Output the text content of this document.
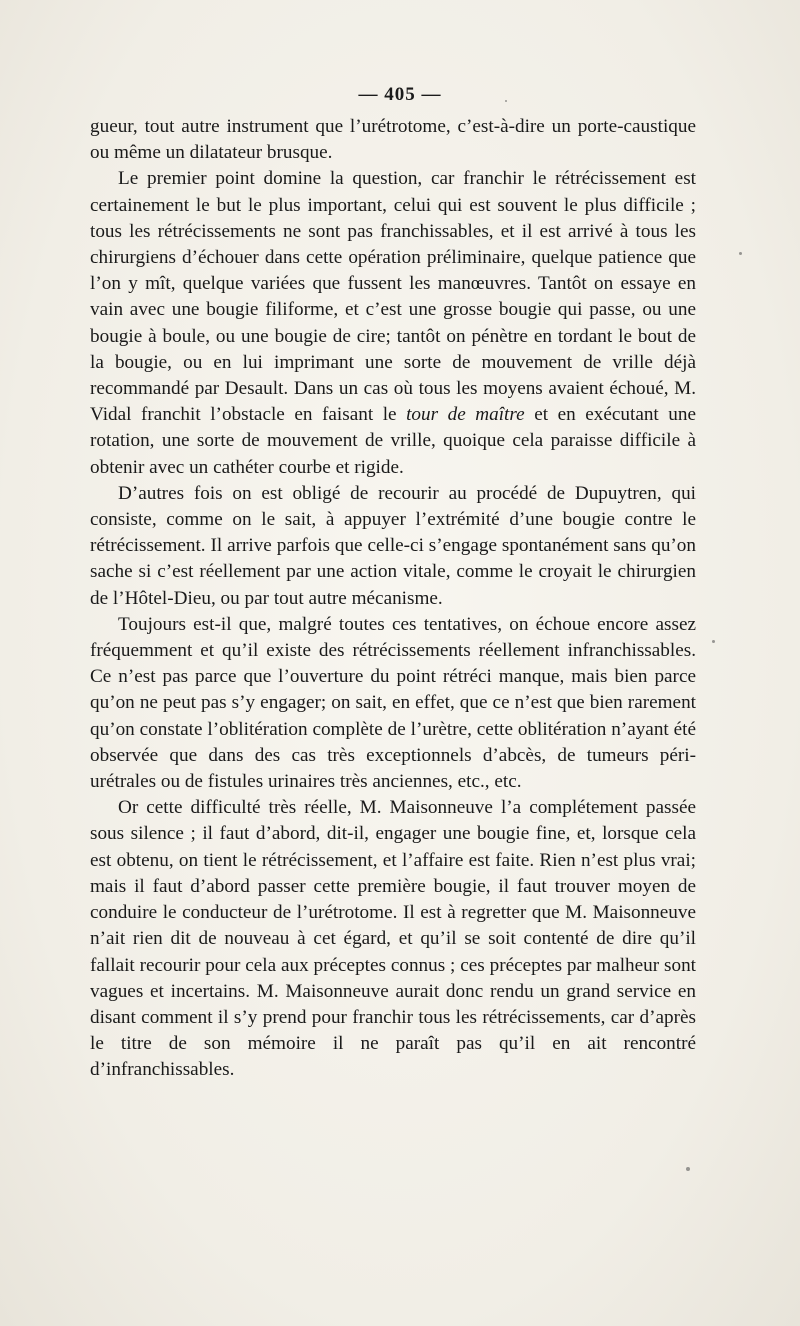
— 405 —

gueur, tout autre instrument que l’urétrotome, c’est-à-dire un porte-caustique ou même un dilatateur brusque.

Le premier point domine la question, car franchir le rétrécissement est certainement le but le plus important, celui qui est souvent le plus difficile ; tous les rétrécissements ne sont pas franchissables, et il est arrivé à tous les chirurgiens d’échouer dans cette opération préliminaire, quelque patience que l’on y mît, quelque variées que fussent les manœuvres. Tantôt on essaye en vain avec une bougie filiforme, et c’est une grosse bougie qui passe, ou une bougie à boule, ou une bougie de cire; tantôt on pénètre en tordant le bout de la bougie, ou en lui imprimant une sorte de mouvement de vrille déjà recommandé par Desault. Dans un cas où tous les moyens avaient échoué, M. Vidal franchit l’obstacle en faisant le tour de maître et en exécutant une rotation, une sorte de mouvement de vrille, quoique cela paraisse difficile à obtenir avec un cathéter courbe et rigide.

D’autres fois on est obligé de recourir au procédé de Dupuytren, qui consiste, comme on le sait, à appuyer l’extrémité d’une bougie contre le rétrécissement. Il arrive parfois que celle-ci s’engage spontanément sans qu’on sache si c’est réellement par une action vitale, comme le croyait le chirurgien de l’Hôtel-Dieu, ou par tout autre mécanisme.

Toujours est-il que, malgré toutes ces tentatives, on échoue encore assez fréquemment et qu’il existe des rétrécissements réellement infranchissables. Ce n’est pas parce que l’ouverture du point rétréci manque, mais bien parce qu’on ne peut pas s’y engager; on sait, en effet, que ce n’est que bien rarement qu’on constate l’oblitération complète de l’urètre, cette oblitération n’ayant été observée que dans des cas très exceptionnels d’abcès, de tumeurs péri-urétrales ou de fistules urinaires très anciennes, etc., etc.

Or cette difficulté très réelle, M. Maisonneuve l’a complétement passée sous silence ; il faut d’abord, dit-il, engager une bougie fine, et, lorsque cela est obtenu, on tient le rétrécissement, et l’affaire est faite. Rien n’est plus vrai; mais il faut d’abord passer cette première bougie, il faut trouver moyen de conduire le conducteur de l’urétrotome. Il est à regretter que M. Maisonneuve n’ait rien dit de nouveau à cet égard, et qu’il se soit contenté de dire qu’il fallait recourir pour cela aux préceptes connus ; ces préceptes par malheur sont vagues et incertains. M. Maisonneuve aurait donc rendu un grand service en disant comment il s’y prend pour franchir tous les rétrécissements, car d’après le titre de son mémoire il ne paraît pas qu’il en ait rencontré d’infranchissables.
